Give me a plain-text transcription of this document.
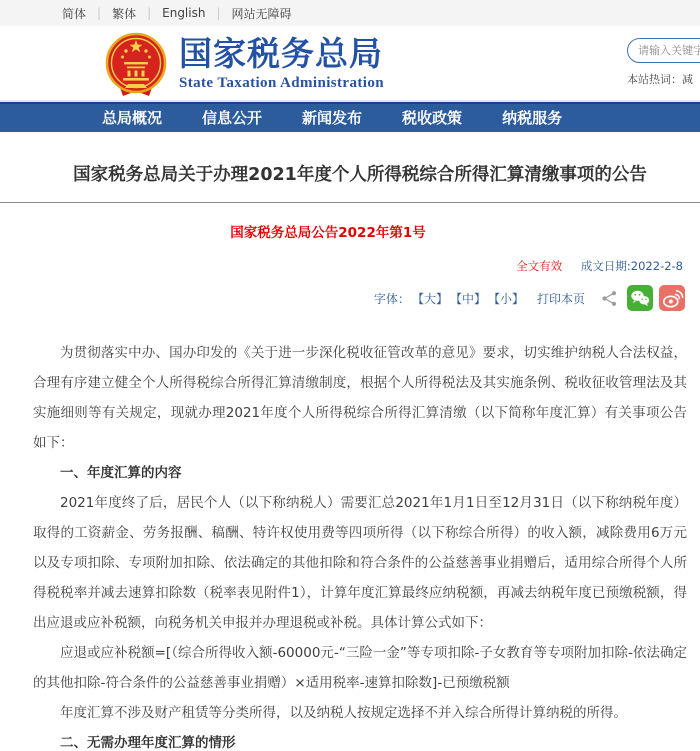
简体 | 繁体 | English | 网站无障碍
国家税务总局
State Taxation Administration
请输入关键字	本站热词：减
总局概况	信息公开	新闻发布	税收政策	纳税服务
国家税务总局关于办理2021年度个人所得税综合所得汇算清缴事项的公告
国家税务总局公告2022年第1号
全文有效 成文日期:2022-2-8
字体： 【大】 【中】 【小】 打印本页

为贯彻落实中办、国办印发的《关于进一步深化税收征管改革的意见》要求，切实维护纳税人合法权益，合理有序建立健全个人所得税综合所得汇算清缴制度，根据个人所得税法及其实施条例、税收征收管理法及其实施细则等有关规定，现就办理2021年度个人所得税综合所得汇算清缴（以下简称年度汇算）有关事项公告如下：

一、年度汇算的内容

2021年度终了后，居民个人（以下称纳税人）需要汇总2021年1月1日至12月31日（以下称纳税年度）取得的工资薪金、劳务报酬、稿酬、特许权使用费等四项所得（以下称综合所得）的收入额，减除费用6万元以及专项扣除、专项附加扣除、依法确定的其他扣除和符合条件的公益慈善事业捐赠后，适用综合所得个人所得税税率并减去速算扣除数（税率表见附件1），计算年度汇算最终应纳税额，再减去纳税年度已预缴税额，得出应退或应补税额，向税务机关申报并办理退税或补税。具体计算公式如下：

应退或应补税额=[（综合所得收入额-60000元-“三险一金”等专项扣除-子女教育等专项附加扣除-依法确定的其他扣除-符合条件的公益慈善事业捐赠）×适用税率-速算扣除数]-已预缴税额

年度汇算不涉及财产租赁等分类所得，以及纳税人按规定选择不并入综合所得计算纳税的所得。

二、无需办理年度汇算的情形
